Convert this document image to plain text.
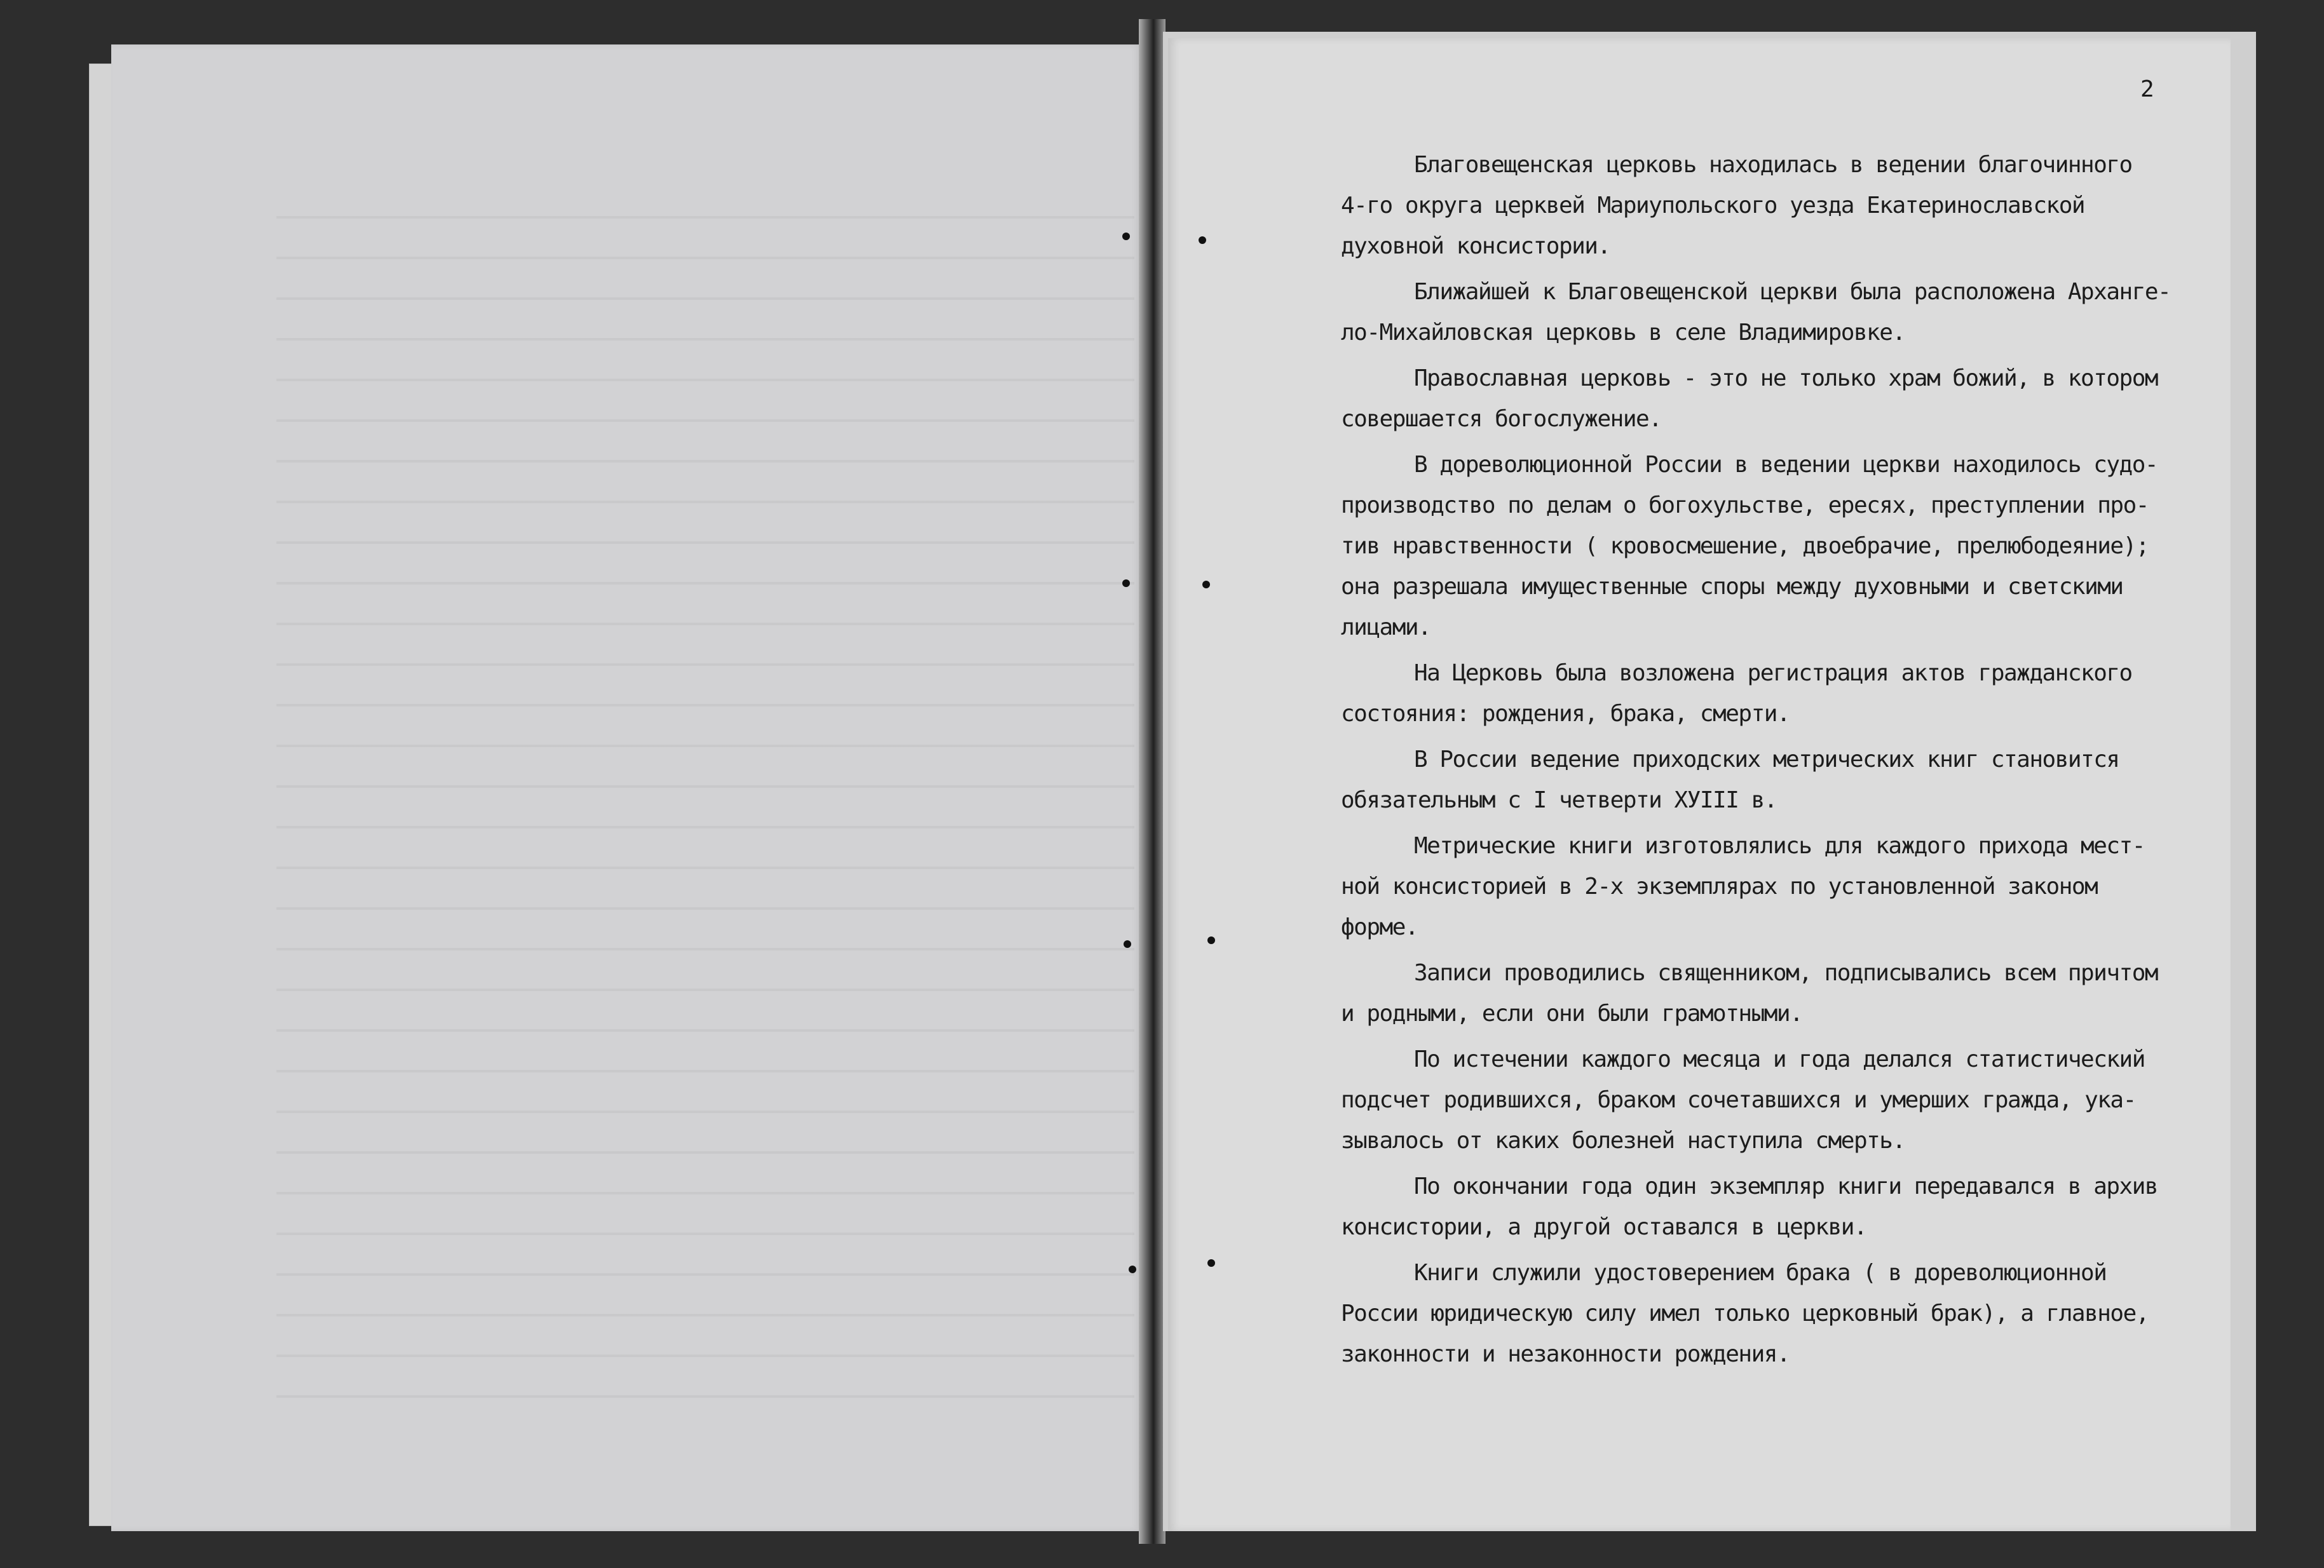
2
Благовещенская церковь находилась в ведении благочинного
4-го округа церквей Мариупольского уезда Екатеринославской
духовной консистории.
Ближайшей к Благовещенской церкви была расположена Архангe-
ло-Михайловская церковь в селе Владимировке.
Православная церковь - это не только храм божий, в котором
совершается богослужение.
В дореволюционной России в ведении церкви находилось судо-
производство по делам о богохульстве, ересях, преступлении про-
тив нравственности ( кровосмешение, двоебрачие, прелюбодеяние);
она разрешала имущественные споры между духовными и светскими
лицами.
На Церковь была возложена регистрация актов гражданского
состояния: рождения, брака, смерти.
В России ведение приходских метрических книг становится
обязательным с I четверти ХУIII в.
Метрические книги изготовлялись для каждого прихода мест-
ной консисторией в 2-х экземплярах по установленной законом
форме.
Записи проводились священником, подписывались всем причтом
и родными, если они были грамотными.
По истечении каждого месяца и года делался статистический
подсчет родившихся, браком сочетавшихся и умерших гражда, ука-
зывалось от каких болезней наступила смерть.
По окончании года один экземпляр книги передавался в архив
консистории, а другой оставался в церкви.
Книги служили удостоверением брака ( в дореволюционной
России юридическую силу имел только церковный брак), а главное,
законности и незаконности рождения.
